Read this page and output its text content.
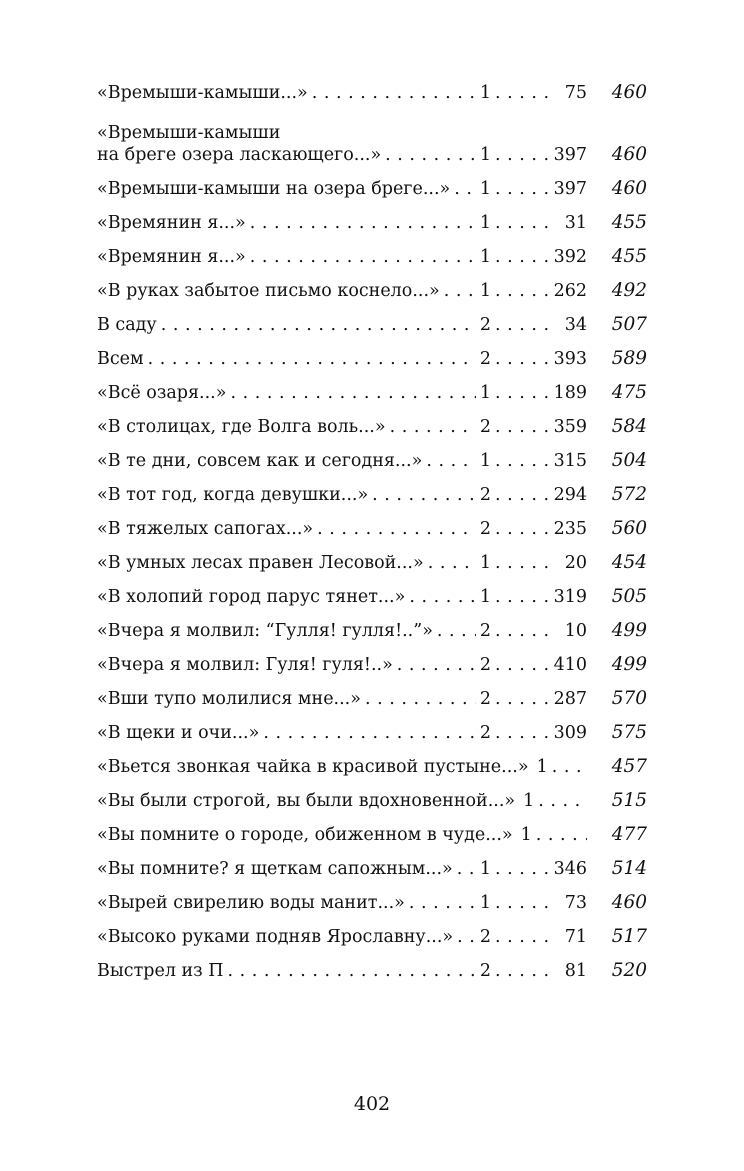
«Времыши-камыши...» . . .	1 . . .	75	460
«Времыши-камыши
на бреге озера ласкающего...» . . .	1 . . .	397	460
«Времыши-камыши на озера бреге...» . . . 1 . . .	397	460
«Времянин я...» . . .	1 . . .	31	455
«Времянин я...» . . .	1 . . .	392	455
«В руках забытое письмо коснело...» . . . 1 . . .	262	492
В саду . . .	2 . . .	34	507
Всем . . .	2 . . .	393	589
«Всё озаря...» . . .	1 . . .	189	475
«В столицах, где Волга воль...» . . .	2 . . .	359	584
«В те дни, совсем как и сегодня...» . . .	1 . . .	315	504
«В тот год, когда девушки...» . . .	2 . . .	294	572
«В тяжелых сапогах...» . . .	2 . . .	235	560
«В умных лесах правен Лесовой...» . . .	1 . . .	20	454
«В холопий город парус тянет...» . . .	1 . . .	319	505
«Вчера я молвил: “Гулля! гулля!..”» . . .	2 . . .	10	499
«Вчера я молвил: Гуля! гуля!..» . . .	2 . . .	410	499
«Вши тупо молилися мне...» . . .	2 . . .	287	570
«В щеки и очи...» . . .	2 . . .	309	575
«Вьется звонкая чайка в красивой пустыне...» 1 . . .	457
«Вы были строгой, вы были вдохновенной...» 1 . . .	515
«Вы помните о городе, обиженном в чуде...» 1 . . .	477
«Вы помните? я щеткам сапожным...» . . . 1 . . .	346	514
«Вырей свирелию воды манит...» . . .	1 . . .	73	460
«Высоко руками подняв Ярославну...» . . . 2 . . .	71	517
Выстрел из П . . .	2 . . .	81	520
402
